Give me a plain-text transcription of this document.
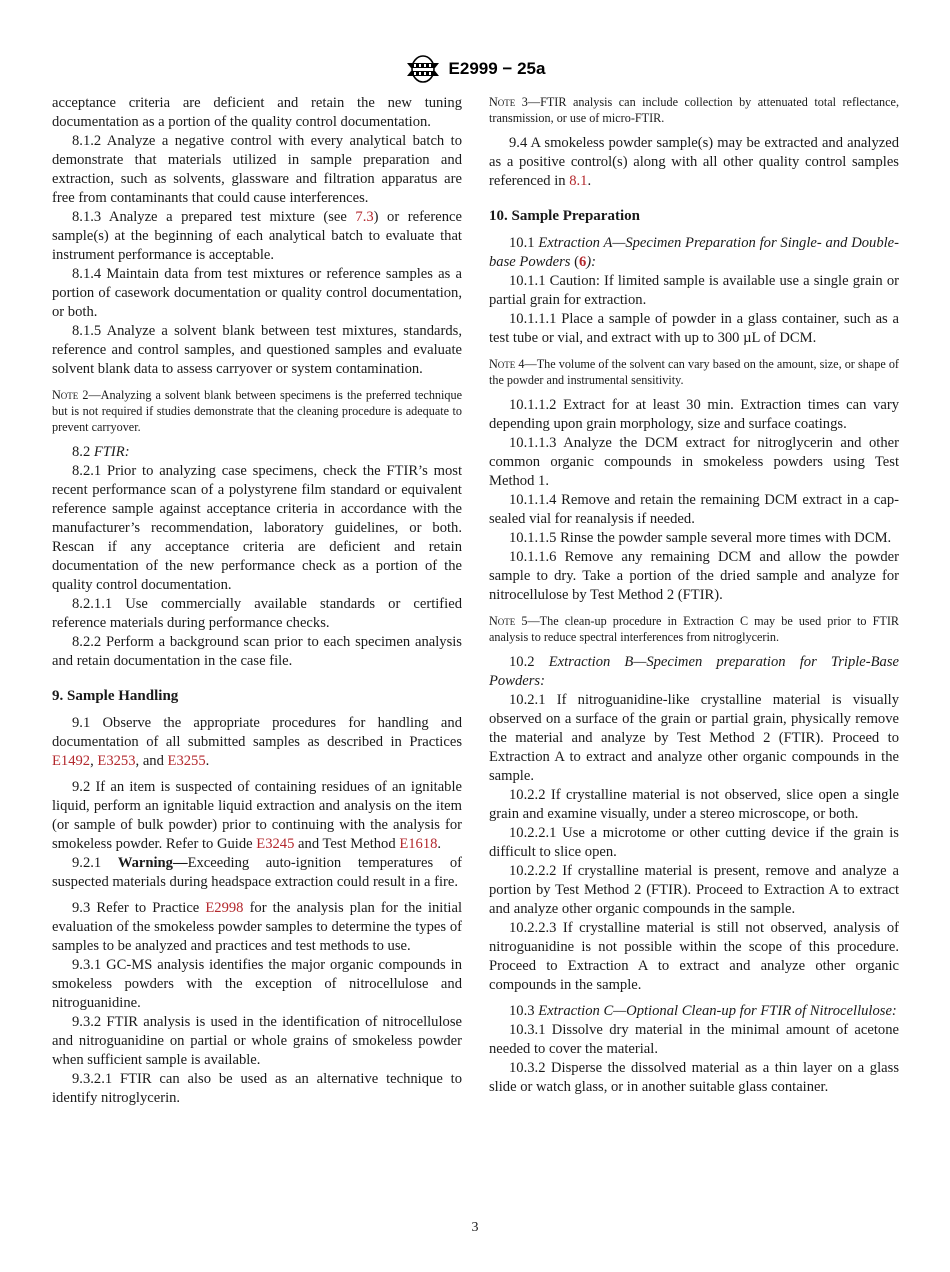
E2999 − 25a

acceptance criteria are deficient and retain the new tuning documentation as a portion of the quality control documentation.

8.1.2 Analyze a negative control with every analytical batch to demonstrate that materials utilized in sample preparation and extraction, such as solvents, glassware and filtration apparatus are free from contaminants that could cause interferences.

8.1.3 Analyze a prepared test mixture (see 7.3) or reference sample(s) at the beginning of each analytical batch to evaluate that instrument performance is acceptable.

8.1.4 Maintain data from test mixtures or reference samples as a portion of casework documentation or quality control documentation, or both.

8.1.5 Analyze a solvent blank between test mixtures, standards, reference and control samples, and questioned samples and evaluate solvent blank data to assess carryover or system contamination.

Note 2—Analyzing a solvent blank between specimens is the preferred technique but is not required if studies demonstrate that the cleaning procedure is adequate to prevent carryover.

8.2 FTIR:

8.2.1 Prior to analyzing case specimens, check the FTIR’s most recent performance scan of a polystyrene film standard or equivalent reference sample against acceptance criteria in accordance with the manufacturer’s recommendation, laboratory guidelines, or both. Rescan if any acceptance criteria are deficient and retain documentation of the new performance check as a portion of the quality control documentation.

8.2.1.1 Use commercially available standards or certified reference materials during performance checks.

8.2.2 Perform a background scan prior to each specimen analysis and retain documentation in the case file.

9. Sample Handling

9.1 Observe the appropriate procedures for handling and documentation of all submitted samples as described in Practices E1492, E3253, and E3255.

9.2 If an item is suspected of containing residues of an ignitable liquid, perform an ignitable liquid extraction and analysis on the item (or sample of bulk powder) prior to continuing with the analysis for smokeless powder. Refer to Guide E3245 and Test Method E1618.

9.2.1 Warning—Exceeding auto-ignition temperatures of suspected materials during headspace extraction could result in a fire.

9.3 Refer to Practice E2998 for the analysis plan for the initial evaluation of the smokeless powder samples to determine the types of samples to be analyzed and practices and test methods to use.

9.3.1 GC-MS analysis identifies the major organic compounds in smokeless powders with the exception of nitrocellulose and nitroguanidine.

9.3.2 FTIR analysis is used in the identification of nitrocellulose and nitroguanidine on partial or whole grains of smokeless powder when sufficient sample is available.

9.3.2.1 FTIR can also be used as an alternative technique to identify nitroglycerin.

Note 3—FTIR analysis can include collection by attenuated total reflectance, transmission, or use of micro-FTIR.

9.4 A smokeless powder sample(s) may be extracted and analyzed as a positive control(s) along with all other quality control samples referenced in 8.1.

10. Sample Preparation

10.1 Extraction A—Specimen Preparation for Single- and Double-base Powders (6):

10.1.1 Caution: If limited sample is available use a single grain or partial grain for extraction.

10.1.1.1 Place a sample of powder in a glass container, such as a test tube or vial, and extract with up to 300 µL of DCM.

Note 4—The volume of the solvent can vary based on the amount, size, or shape of the powder and instrumental sensitivity.

10.1.1.2 Extract for at least 30 min. Extraction times can vary depending upon grain morphology, size and surface coatings.

10.1.1.3 Analyze the DCM extract for nitroglycerin and other common organic compounds in smokeless powders using Test Method 1.

10.1.1.4 Remove and retain the remaining DCM extract in a cap-sealed vial for reanalysis if needed.

10.1.1.5 Rinse the powder sample several more times with DCM.

10.1.1.6 Remove any remaining DCM and allow the powder sample to dry. Take a portion of the dried sample and analyze for nitrocellulose by Test Method 2 (FTIR).

Note 5—The clean-up procedure in Extraction C may be used prior to FTIR analysis to reduce spectral interferences from nitroglycerin.

10.2 Extraction B—Specimen preparation for Triple-Base Powders:

10.2.1 If nitroguanidine-like crystalline material is visually observed on a surface of the grain or partial grain, physically remove the material and analyze by Test Method 2 (FTIR). Proceed to Extraction A to extract and analyze other organic compounds in the sample.

10.2.2 If crystalline material is not observed, slice open a single grain and examine visually, under a stereo microscope, or both.

10.2.2.1 Use a microtome or other cutting device if the grain is difficult to slice open.

10.2.2.2 If crystalline material is present, remove and analyze a portion by Test Method 2 (FTIR). Proceed to Extraction A to extract and analyze other organic compounds in the sample.

10.2.2.3 If crystalline material is still not observed, analysis of nitroguanidine is not possible within the scope of this procedure. Proceed to Extraction A to extract and analyze other organic compounds in the sample.

10.3 Extraction C—Optional Clean-up for FTIR of Nitrocellulose:

10.3.1 Dissolve dry material in the minimal amount of acetone needed to cover the material.

10.3.2 Disperse the dissolved material as a thin layer on a glass slide or watch glass, or in another suitable glass container.

3
